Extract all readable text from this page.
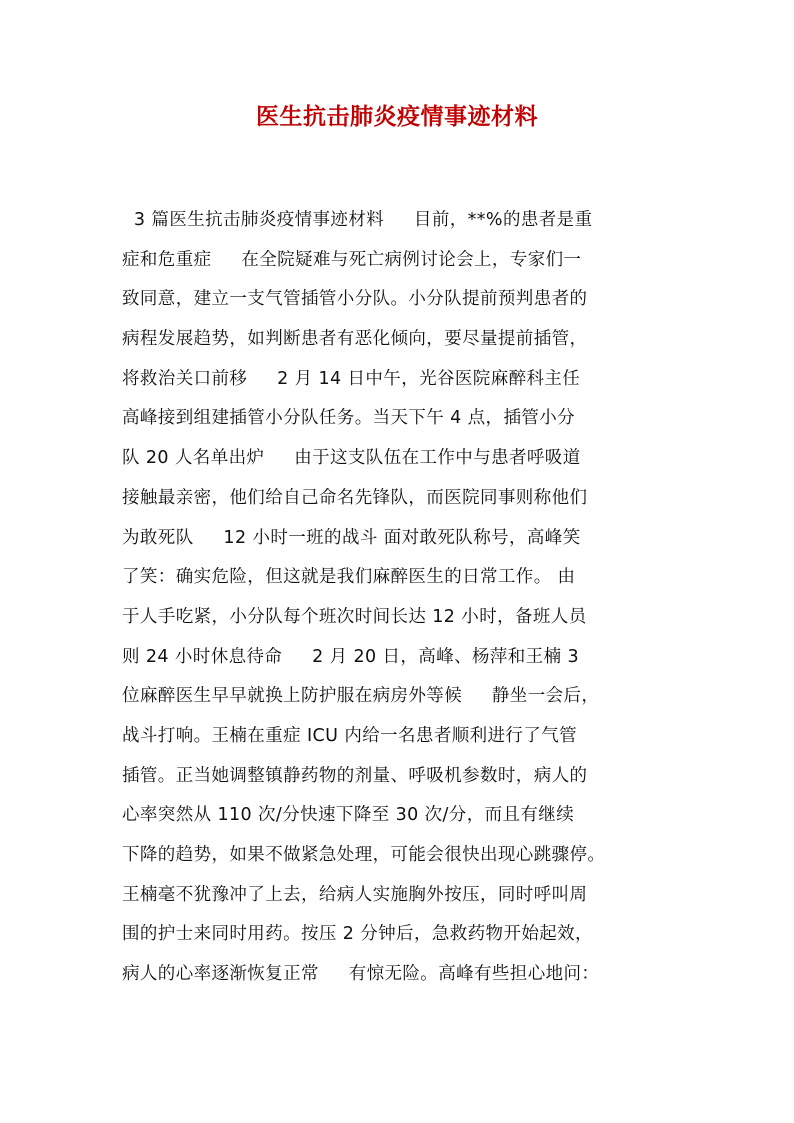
医生抗击肺炎疫情事迹材料
3 篇医生抗击肺炎疫情事迹材料     目前，**%的患者是重
症和危重症     在全院疑难与死亡病例讨论会上，专家们一
致同意，建立一支气管插管小分队。小分队提前预判患者的
病程发展趋势，如判断患者有恶化倾向，要尽量提前插管，
将救治关口前移     2 月 14 日中午，光谷医院麻醉科主任
高峰接到组建插管小分队任务。当天下午 4 点，插管小分
队 20 人名单出炉     由于这支队伍在工作中与患者呼吸道
接触最亲密，他们给自己命名先锋队，而医院同事则称他们
为敢死队     12 小时一班的战斗 面对敢死队称号，高峰笑
了笑：确实危险，但这就是我们麻醉医生的日常工作。 由
于人手吃紧，小分队每个班次时间长达 12 小时，备班人员
则 24 小时休息待命     2 月 20 日，高峰、杨萍和王楠 3
位麻醉医生早早就换上防护服在病房外等候     静坐一会后，
战斗打响。王楠在重症 ICU 内给一名患者顺利进行了气管
插管。正当她调整镇静药物的剂量、呼吸机参数时，病人的
心率突然从 110 次/分快速下降至 30 次/分，而且有继续
下降的趋势，如果不做紧急处理，可能会很快出现心跳骤停。
王楠毫不犹豫冲了上去，给病人实施胸外按压，同时呼叫周
围的护士来同时用药。按压 2 分钟后，急救药物开始起效，
病人的心率逐渐恢复正常     有惊无险。高峰有些担心地问：
